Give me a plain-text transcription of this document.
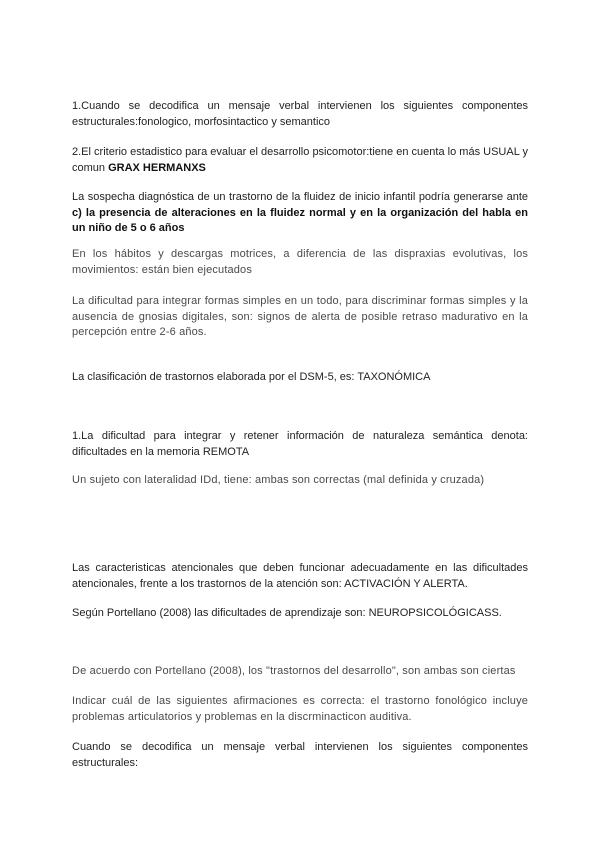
1.Cuando se decodifica un mensaje verbal intervienen los siguientes componentes estructurales:fonologico, morfosintactico y semantico

2.El criterio estadistico para evaluar el desarrollo psicomotor:tiene en cuenta lo más USUAL y comun GRAX HERMANXS

La sospecha diagnóstica de un trastorno de la fluidez de inicio infantil podría generarse ante c) la presencia de alteraciones en la fluidez normal y en la organización del habla en un niño de 5 o 6 años

En los hábitos y descargas motrices, a diferencia de las dispraxias evolutivas, los movimientos: están bien ejecutados

La dificultad para integrar formas simples en un todo, para discriminar formas simples y la ausencia de gnosias digitales, son: signos de alerta de posible retraso madurativo en la percepción entre 2-6 años.

La clasificación de trastornos elaborada por el DSM-5, es: TAXONÓMICA

1.La dificultad para integrar y retener información de naturaleza semántica denota: dificultades en la memoria REMOTA

Un sujeto con lateralidad IDd, tiene: ambas son correctas (mal definida y cruzada)

Las caracteristicas atencionales que deben funcionar adecuadamente en las dificultades atencionales, frente a los trastornos de la atención son: ACTIVACIÓN Y ALERTA.

Según Portellano (2008) las dificultades de aprendizaje son: NEUROPSICOLÓGICASS.

De acuerdo con Portellano (2008), los "trastornos del desarrollo", son ambas son ciertas

Indicar cuál de las siguientes afirmaciones es correcta: el trastorno fonológico incluye problemas articulatorios y problemas en la discrminacticon auditiva.

Cuando se decodifica un mensaje verbal intervienen los siguientes componentes estructurales:
